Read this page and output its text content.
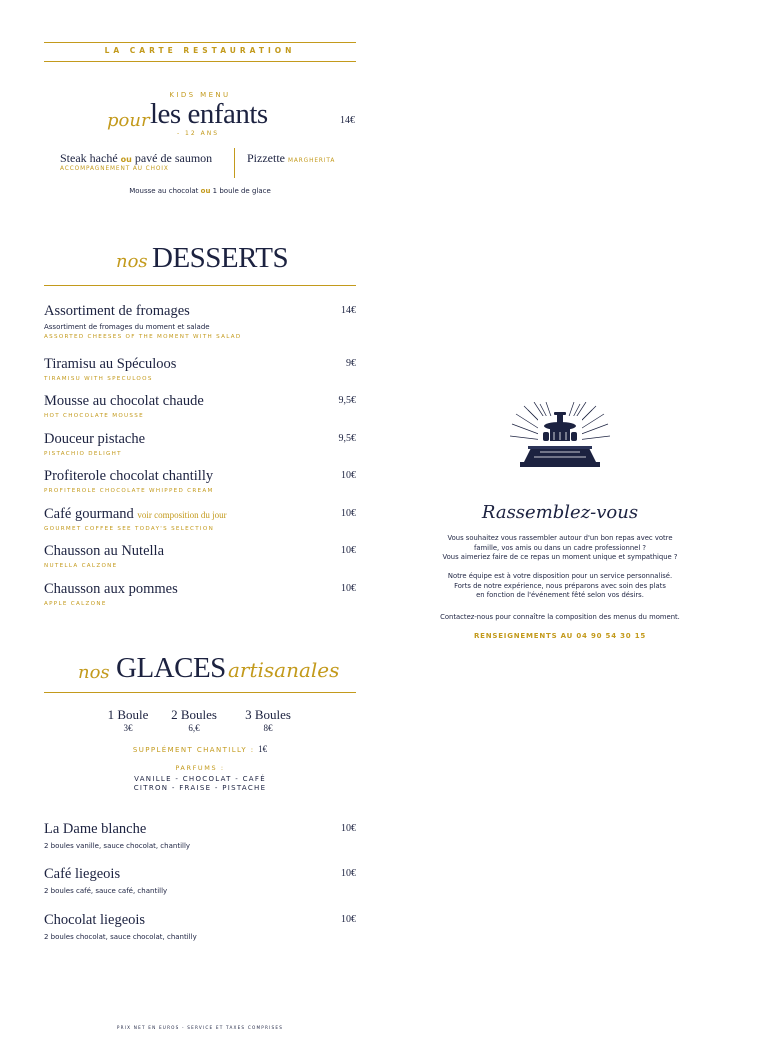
LA CARTE RESTAURATION
KIDS MENU
pour les enfants
- 12 ANS
14€
Steak haché ou pavé de saumon
ACCOMPAGNEMENT AU CHOIX
Pizzette MARGHERITA
Mousse au chocolat ou 1 boule de glace
nos DESSERTS
Assortiment de fromages	14€
Assortiment de fromages du moment et salade
ASSORTED CHEESES OF THE MOMENT WITH SALAD
Tiramisu au Spéculoos	9€
TIRAMISU WITH SPECULOOS
Mousse au chocolat chaude	9,5€
HOT CHOCOLATE MOUSSE
Douceur pistache	9,5€
PISTACHIO DELIGHT
Profiterole chocolat chantilly	10€
PROFITEROLE CHOCOLATE WHIPPED CREAM
Café gourmand voir composition du jour	10€
GOURMET COFFEE SEE TODAY'S SELECTION
Chausson au Nutella	10€
NUTELLA CALZONE
Chausson aux pommes	10€
APPLE CALZONE
nos GLACES artisanales
1 Boule
3€
2 Boules
6,€
3 Boules
8€
SUPPLÉMENT CHANTILLY : 1€
PARFUMS :
VANILLE - CHOCOLAT - CAFÉ
CITRON - FRAISE - PISTACHE
La Dame blanche	10€
2 boules vanille, sauce chocolat, chantilly
Café liegeois	10€
2 boules café, sauce café, chantilly
Chocolat liegeois	10€
2 boules chocolat, sauce chocolat, chantilly
Rassemblez-vous
Vous souhaitez vous rassembler autour d'un bon repas avec votre
famille, vos amis ou dans un cadre professionnel ?
Vous aimeriez faire de ce repas un moment unique et sympathique ?
Notre équipe est à votre disposition pour un service personnalisé.
Forts de notre expérience, nous préparons avec soin des plats
en fonction de l'événement fêté selon vos désirs.
Contactez-nous pour connaître la composition des menus du moment.
RENSEIGNEMENTS AU 04 90 54 30 15
PRIX NET EN EUROS - SERVICE ET TAXES COMPRISES
